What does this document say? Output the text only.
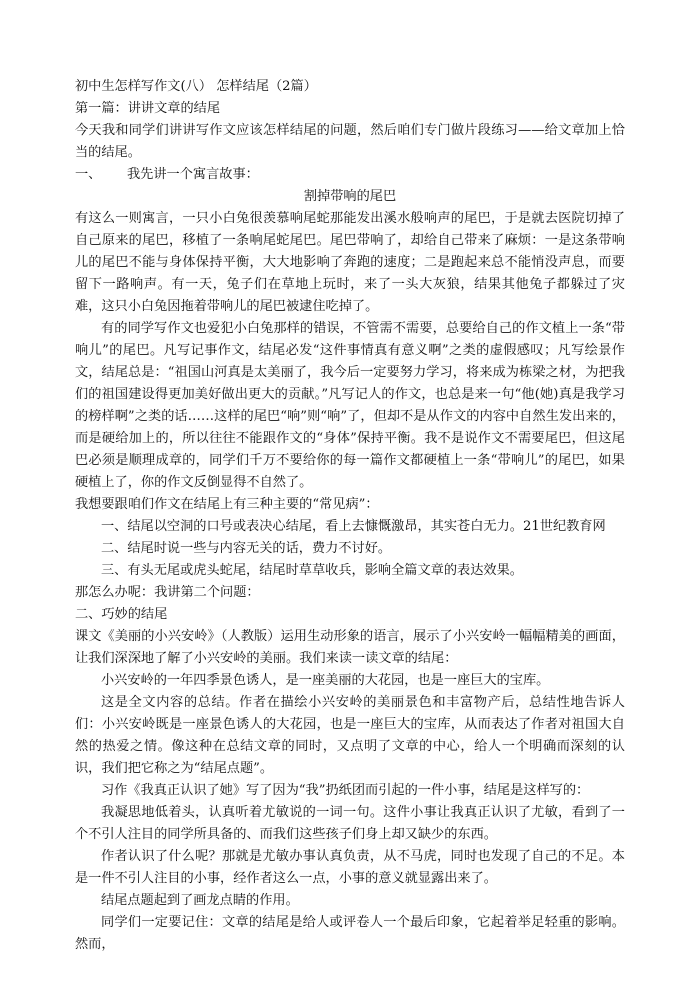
初中生怎样写作文(八） 怎样结尾（2篇）

第一篇：讲讲文章的结尾

今天我和同学们讲讲写作文应该怎样结尾的问题，然后咱们专门做片段练习——给文章加上恰当的结尾。

一、	我先讲一个寓言故事：

割掉带响的尾巴

有这么一则寓言，一只小白兔很羡慕响尾蛇那能发出溪水般响声的尾巴，于是就去医院切掉了自己原来的尾巴，移植了一条响尾蛇尾巴。尾巴带响了，却给自己带来了麻烦：一是这条带响儿的尾巴不能与身体保持平衡，大大地影响了奔跑的速度；二是跑起来总不能悄没声息，而要留下一路响声。有一天，兔子们在草地上玩时，来了一头大灰狼，结果其他兔子都躲过了灾难，这只小白兔因拖着带响儿的尾巴被逮住吃掉了。

有的同学写作文也爱犯小白兔那样的错误，不管需不需要，总要给自己的作文植上一条“带响儿”的尾巴。凡写记事作文，结尾必发“这件事情真有意义啊”之类的虚假感叹；凡写绘景作文，结尾总是：“祖国山河真是太美丽了，我今后一定要努力学习，将来成为栋梁之材，为把我们的祖国建设得更加美好做出更大的贡献。”凡写记人的作文，也总是来一句“他(她)真是我学习的榜样啊”之类的话……这样的尾巴“响”则“响”了，但却不是从作文的内容中自然生发出来的，而是硬给加上的，所以往往不能跟作文的“身体”保持平衡。我不是说作文不需要尾巴，但这尾巴必须是顺理成章的，同学们千万不要给你的每一篇作文都硬植上一条“带响儿”的尾巴，如果硬植上了，你的作文反倒显得不自然了。

我想要跟咱们作文在结尾上有三种主要的“常见病”：

一、结尾以空洞的口号或表决心结尾，看上去慷慨激昂，其实苍白无力。21世纪教育网

二、结尾时说一些与内容无关的话，费力不讨好。

三、有头无尾或虎头蛇尾，结尾时草草收兵，影响全篇文章的表达效果。

那怎么办呢：我讲第二个问题：

二、巧妙的结尾

课文《美丽的小兴安岭》（人教版）运用生动形象的语言，展示了小兴安岭一幅幅精美的画面，让我们深深地了解了小兴安岭的美丽。我们来读一读文章的结尾：

小兴安岭的一年四季景色诱人，是一座美丽的大花园，也是一座巨大的宝库。

这是全文内容的总结。作者在描绘小兴安岭的美丽景色和丰富物产后，总结性地告诉人们：小兴安岭既是一座景色诱人的大花园，也是一座巨大的宝库，从而表达了作者对祖国大自然的热爱之情。像这种在总结文章的同时，又点明了文章的中心，给人一个明确而深刻的认识，我们把它称之为“结尾点题”。

习作《我真正认识了她》写了因为“我”扔纸团而引起的一件小事，结尾是这样写的：

我凝思地低着头，认真听着尤敏说的一词一句。这件小事让我真正认识了尤敏，看到了一个不引人注目的同学所具备的、而我们这些孩子们身上却又缺少的东西。

作者认识了什么呢？那就是尤敏办事认真负责，从不马虎，同时也发现了自己的不足。本是一件不引人注目的小事，经作者这么一点，小事的意义就显露出来了。

结尾点题起到了画龙点睛的作用。

同学们一定要记住：文章的结尾是给人或评卷人一个最后印象，它起着举足轻重的影响。然而，
